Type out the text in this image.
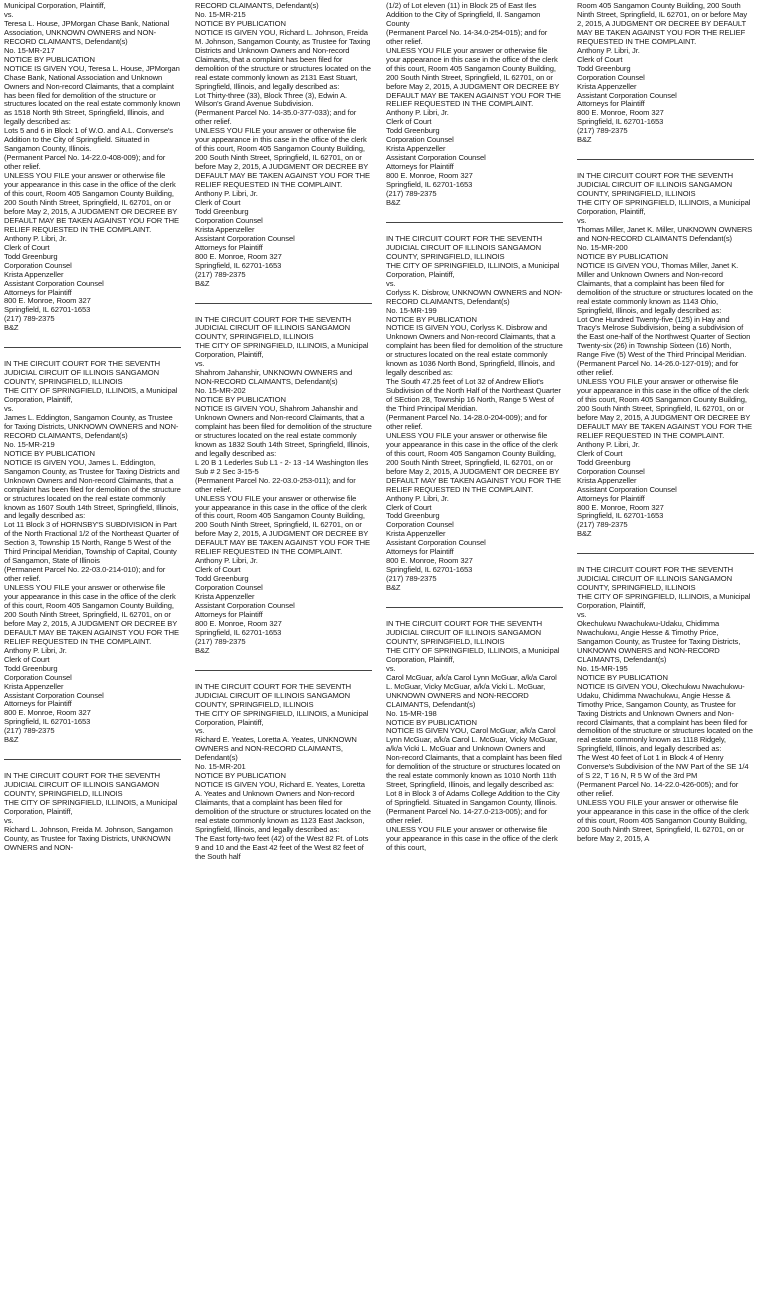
Municipal Corporation, Plaintiff,

vs.

Teresa L. House, JPMorgan Chase Bank, National Association, UNKNOWN OWNERS and NON-RECORD CLAIMANTS, Defendant(s)

No. 15-MR-217

NOTICE BY PUBLICATION

NOTICE IS GIVEN YOU, Teresa L. House, JPMorgan Chase Bank, National Association and Unknown Owners and Non-record Claimants, that a complaint has been filed for demolition of the structure or structures located on the real estate commonly known as 1518 North 9th Street, Springfield, Illinois, and legally described as:

Lots 5 and 6 in Block 1 of W.O. and A.L. Converse's Addition to the City of Springfield. Situated in Sangamon County, Illinois.

(Permanent Parcel No. 14-22.0-408-009); and for other relief.

UNLESS YOU FILE your answer or otherwise file your appearance in this case in the office of the clerk of this court, Room 405 Sangamon County Building, 200 South Ninth Street, Springfield, IL 62701, on or before May 2, 2015, A JUDGMENT OR DECREE BY DEFAULT MAY BE TAKEN AGAINST YOU FOR THE RELIEF REQUESTED IN THE COMPLAINT.

Anthony P. Libri, Jr.

Clerk of Court

Todd Greenburg

Corporation Counsel

Krista Appenzeller

Assistant Corporation Counsel

Attorneys for Plaintiff

800 E. Monroe, Room 327

Springfield, IL 62701-1653

(217) 789-2375

B&Z

IN THE CIRCUIT COURT FOR THE SEVENTH JUDICIAL CIRCUIT OF ILLINOIS SANGAMON COUNTY, SPRINGFIELD, ILLINOIS

THE CITY OF SPRINGFIELD, ILLINOIS, a Municipal Corporation, Plaintiff,

vs.

James L. Eddington, Sangamon County, as Trustee for Taxing Districts, UNKNOWN OWNERS and NON-RECORD CLAIMANTS, Defendant(s)

No. 15-MR-219

NOTICE BY PUBLICATION

NOTICE IS GIVEN YOU, James L. Eddington, Sangamon County, as Trustee for Taxing Districts and Unknown Owners and Non-record Claimants, that a complaint has been filed for demolition of the structure or structures located on the real estate commonly known as 1607 South 14th Street, Springfield, Illinois, and legally described as:

Lot 11 Block 3 of HORNSBY'S SUBDIVISION in Part of the North Fractional 1/2 of the Northeast Quarter of Section 3, Township 15 North, Range 5 West of the Third Principal Meridian, Township of Capital, County of Sangamon, State of Illinois

(Permanent Parcel No. 22-03.0-214-010); and for other relief.

UNLESS YOU FILE your answer or otherwise file your appearance in this case in the office of the clerk of this court, Room 405 Sangamon County Building, 200 South Ninth Street, Springfield, IL 62701, on or before May 2, 2015, A JUDGMENT OR DECREE BY DEFAULT MAY BE TAKEN AGAINST YOU FOR THE RELIEF REQUESTED IN THE COMPLAINT.

Anthony P. Libri, Jr.

Clerk of Court

Todd Greenburg

Corporation Counsel

Krista Appenzeller

Assistant Corporation Counsel

Attorneys for Plaintiff

800 E. Monroe, Room 327

Springfield, IL 62701-1653

(217) 789-2375

B&Z

IN THE CIRCUIT COURT FOR THE SEVENTH JUDICIAL CIRCUIT OF ILLINOIS SANGAMON COUNTY, SPRINGFIELD, ILLINOIS

THE CITY OF SPRINGFIELD, ILLINOIS, a Municipal Corporation, Plaintiff,

vs.

Richard L. Johnson, Freida M. Johnson, Sangamon County, as Trustee for Taxing Districts, UNKNOWN OWNERS and NON-

RECORD CLAIMANTS, Defendant(s)

No. 15-MR-215

NOTICE BY PUBLICATION

NOTICE IS GIVEN YOU, Richard L. Johnson, Freida M. Johnson, Sangamon County, as Trustee for Taxing Districts and Unknown Owners and Non-record Claimants, that a complaint has been filed for demolition of the structure or structures located on the real estate commonly known as 2131 East Stuart, Springfield, Illinois, and legally described as:

Lot Thirty-three (33), Block Three (3), Edwin A. Wilson's Grand Avenue Subdivision.

(Permanent Parcel No. 14-35.0-377-033); and for other relief.

UNLESS YOU FILE your answer or otherwise file your appearance in this case in the office of the clerk of this court, Room 405 Sangamon County Building, 200 South Ninth Street, Springfield, IL 62701, on or before May 2, 2015, A JUDGMENT OR DECREE BY DEFAULT MAY BE TAKEN AGAINST YOU FOR THE RELIEF REQUESTED IN THE COMPLAINT.

Anthony P. Libri, Jr.

Clerk of Court

Todd Greenburg

Corporation Counsel

Krista Appenzeller

Assistant Corporation Counsel

Attorneys for Plaintiff

800 E. Monroe, Room 327

Springfield, IL 62701-1653

(217) 789-2375

B&Z

IN THE CIRCUIT COURT FOR THE SEVENTH JUDICIAL CIRCUIT OF ILLINOIS SANGAMON COUNTY, SPRINGFIELD, ILLINOIS

THE CITY OF SPRINGFIELD, ILLINOIS, a Municipal Corporation, Plaintiff,

vs.

Shahrom Jahanshir, UNKNOWN OWNERS and NON-RECORD CLAIMANTS, Defendant(s)

No. 15-MR-202

NOTICE BY PUBLICATION

NOTICE IS GIVEN YOU, Shahrom Jahanshir and Unknown Owners and Non-record Claimants, that a complaint has been filed for demolition of the structure or structures located on the real estate commonly known as 1832 South 14th Street, Springfield, Illinois, and legally described as:

L 20 B 1 Lederles Sub L1 - 2- 13 -14 Washington Iles Sub # 2 Sec 3-15-5

(Permanent Parcel No. 22-03.0-253-011); and for other relief.

UNLESS YOU FILE your answer or otherwise file your appearance in this case in the office of the clerk of this court, Room 405 Sangamon County Building, 200 South Ninth Street, Springfield, IL 62701, on or before May 2, 2015, A JUDGMENT OR DECREE BY DEFAULT MAY BE TAKEN AGAINST YOU FOR THE RELIEF REQUESTED IN THE COMPLAINT.

Anthony P. Libri, Jr.

Clerk of Court

Todd Greenburg

Corporation Counsel

Krista Appenzeller

Assistant Corporation Counsel

Attorneys for Plaintiff

800 E. Monroe, Room 327

Springfield, IL 62701-1653

(217) 789-2375

B&Z

IN THE CIRCUIT COURT FOR THE SEVENTH JUDICIAL CIRCUIT OF ILLINOIS SANGAMON COUNTY, SPRINGFIELD, ILLINOIS

THE CITY OF SPRINGFIELD, ILLINOIS, a Municipal Corporation, Plaintiff,

vs.

Richard E. Yeates, Loretta A. Yeates, UNKNOWN OWNERS and NON-RECORD CLAIMANTS, Defendant(s)

No. 15-MR-201

NOTICE BY PUBLICATION

NOTICE IS GIVEN YOU, Richard E. Yeates, Loretta A. Yeates and Unknown Owners and Non-record Claimants, that a complaint has been filed for demolition of the structure or structures located on the real estate commonly known as 1123 East Jackson, Springfield, Illinois, and legally described as:

The East forty-two feet (42) of the West 82 Ft. of Lots 9 and 10 and the East 42 feet of the West 82 feet of the South half

(1/2) of Lot eleven (11) in Block 25 of East Iles Addition to the City of Springfield, Il. Sangamon County

(Permanent Parcel No. 14-34.0-254-015); and for other relief.

UNLESS YOU FILE your answer or otherwise file your appearance in this case in the office of the clerk of this court, Room 405 Sangamon County Building, 200 South Ninth Street, Springfield, IL 62701, on or before May 2, 2015, A JUDGMENT OR DECREE BY DEFAULT MAY BE TAKEN AGAINST YOU FOR THE RELIEF REQUESTED IN THE COMPLAINT.

Anthony P. Libri, Jr.

Clerk of Court

Todd Greenburg

Corporation Counsel

Krista Appenzeller

Assistant Corporation Counsel

Attorneys for Plaintiff

800 E. Monroe, Room 327

Springfield, IL 62701-1653

(217) 789-2375

B&Z

IN THE CIRCUIT COURT FOR THE SEVENTH JUDICIAL CIRCUIT OF ILLINOIS SANGAMON COUNTY, SPRINGFIELD, ILLINOIS

THE CITY OF SPRINGFIELD, ILLINOIS, a Municipal Corporation, Plaintiff,

vs.

Corlyss K. Disbrow, UNKNOWN OWNERS and NON-RECORD CLAIMANTS, Defendant(s)

No. 15-MR-199

NOTICE BY PUBLICATION

NOTICE IS GIVEN YOU, Corlyss K. Disbrow and Unknown Owners and Non-record Claimants, that a complaint has been filed for demolition of the structure or structures located on the real estate commonly known as 1036 North Bond, Springfield, Illinois, and legally described as:

The South 47.25 feet of Lot 32 of Andrew Elliot's Subdivision of the North Half of the Northeast Quarter of SEction 28, Township 16 North, Range 5 West of the Third Principal Meridian.

(Permanent Parcel No. 14-28.0-204-009); and for other relief.

UNLESS YOU FILE your answer or otherwise file your appearance in this case in the office of the clerk of this court, Room 405 Sangamon County Building, 200 South Ninth Street, Springfield, IL 62701, on or before May 2, 2015, A JUDGMENT OR DECREE BY DEFAULT MAY BE TAKEN AGAINST YOU FOR THE RELIEF REQUESTED IN THE COMPLAINT.

Anthony P. Libri, Jr.

Clerk of Court

Todd Greenburg

Corporation Counsel

Krista Appenzeller

Assistant Corporation Counsel

Attorneys for Plaintiff

800 E. Monroe, Room 327

Springfield, IL 62701-1653

(217) 789-2375

B&Z

IN THE CIRCUIT COURT FOR THE SEVENTH JUDICIAL CIRCUIT OF ILLINOIS SANGAMON COUNTY, SPRINGFIELD, ILLINOIS

THE CITY OF SPRINGFIELD, ILLINOIS, a Municipal Corporation, Plaintiff,

vs.

Carol McGuar, a/k/a Carol Lynn McGuar, a/k/a Carol L. McGuar, Vicky McGuar, a/k/a Vicki L. McGuar, UNKNOWN OWNERS and NON-RECORD CLAIMANTS, Defendant(s)

No. 15-MR-198

NOTICE BY PUBLICATION

NOTICE IS GIVEN YOU, Carol McGuar, a/k/a Carol Lynn McGuar, a/k/a Carol L. McGuar, Vicky McGuar, a/k/a Vicki L. McGuar and Unknown Owners and Non-record Claimants, that a complaint has been filed for demolition of the structure or structures located on the real estate commonly known as 1010 North 11th Street, Springfield, Illinois, and legally described as:

Lot 8 in Block 3 of Adams College Addition to the City of Springfield. Situated in Sangamon County, Illinois.

(Permanent Parcel No. 14-27.0-213-005); and for other relief.

UNLESS YOU FILE your answer or otherwise file your appearance in this case in the office of the clerk of this court,

Room 405 Sangamon County Building, 200 South Ninth Street, Springfield, IL 62701, on or before May 2, 2015, A JUDGMENT OR DECREE BY DEFAULT MAY BE TAKEN AGAINST YOU FOR THE RELIEF REQUESTED IN THE COMPLAINT.

Anthony P. Libri, Jr.

Clerk of Court

Todd Greenburg

Corporation Counsel

Krista Appenzeller

Assistant Corporation Counsel

Attorneys for Plaintiff

800 E. Monroe, Room 327

Springfield, IL 62701-1653

(217) 789-2375

B&Z

IN THE CIRCUIT COURT FOR THE SEVENTH JUDICIAL CIRCUIT OF ILLINOIS SANGAMON COUNTY, SPRINGFIELD, ILLINOIS

THE CITY OF SPRINGFIELD, ILLINOIS, a Municipal Corporation, Plaintiff,

vs.

Thomas Miller, Janet K. Miller, UNKNOWN OWNERS and NON-RECORD CLAIMANTS Defendant(s)

No. 15-MR-200

NOTICE BY PUBLICATION

NOTICE IS GIVEN YOU, Thomas Miller, Janet K. Miller and Unknown Owners and Non-record Claimants, that a complaint has been filed for demolition of the structure or structures located on the real estate commonly known as 1143 Ohio, Springfield, Illinois, and legally described as:

Lot One Hundred Twenty-five (125) in Hay and Tracy's Melrose Subdivision, being a subdivision of the East one-half of the Northwest Quarter of Section Twenty-six (26) in Township Sixteen (16) North, Range Five (5) West of the Third Principal Meridian.

(Permanent Parcel No. 14-26.0-127-019); and for other relief.

UNLESS YOU FILE your answer or otherwise file your appearance in this case in the office of the clerk of this court, Room 405 Sangamon County Building, 200 South Ninth Street, Springfield, IL 62701, on or before May 2, 2015, A JUDGMENT OR DECREE BY DEFAULT MAY BE TAKEN AGAINST YOU FOR THE RELIEF REQUESTED IN THE COMPLAINT.

Anthony P. Libri, Jr.

Clerk of Court

Todd Greenburg

Corporation Counsel

Krista Appenzeller

Assistant Corporation Counsel

Attorneys for Plaintiff

800 E. Monroe, Room 327

Springfield, IL 62701-1653

(217) 789-2375

B&Z

IN THE CIRCUIT COURT FOR THE SEVENTH JUDICIAL CIRCUIT OF ILLINOIS SANGAMON COUNTY, SPRINGFIELD, ILLINOIS

THE CITY OF SPRINGFIELD, ILLINOIS, a Municipal Corporation, Plaintiff,

vs.

Okechukwu Nwachukwu-Udaku, Chidimma Nwachukwu, Angie Hesse & Timothy Price, Sangamon County, as Trustee for Taxing Districts, UNKNOWN OWNERS and NON-RECORD CLAIMANTS, Defendant(s)

No. 15-MR-195

NOTICE BY PUBLICATION

NOTICE IS GIVEN YOU, Okechukwu Nwachukwu-Udaku, Chidimma Nwachukwu, Angie Hesse & Timothy Price, Sangamon County, as Trustee for Taxing Districts and Unknown Owners and Non-record Claimants, that a complaint has been filed for demolition of the structure or structures located on the real estate commonly known as 1118 Ridgely, Springfield, Illinois, and legally described as:

The West 40 feet of Lot 1 in Block 4 of Henry Converse's Subdivision of the NW Part of the SE 1/4 of S 22, T 16 N, R 5 W of the 3rd PM

(Permanent Parcel No. 14-22.0-426-005); and for other relief.

UNLESS YOU FILE your answer or otherwise file your appearance in this case in the office of the clerk of this court, Room 405 Sangamon County Building, 200 South Ninth Street, Springfield, IL 62701, on or before May 2, 2015, A
